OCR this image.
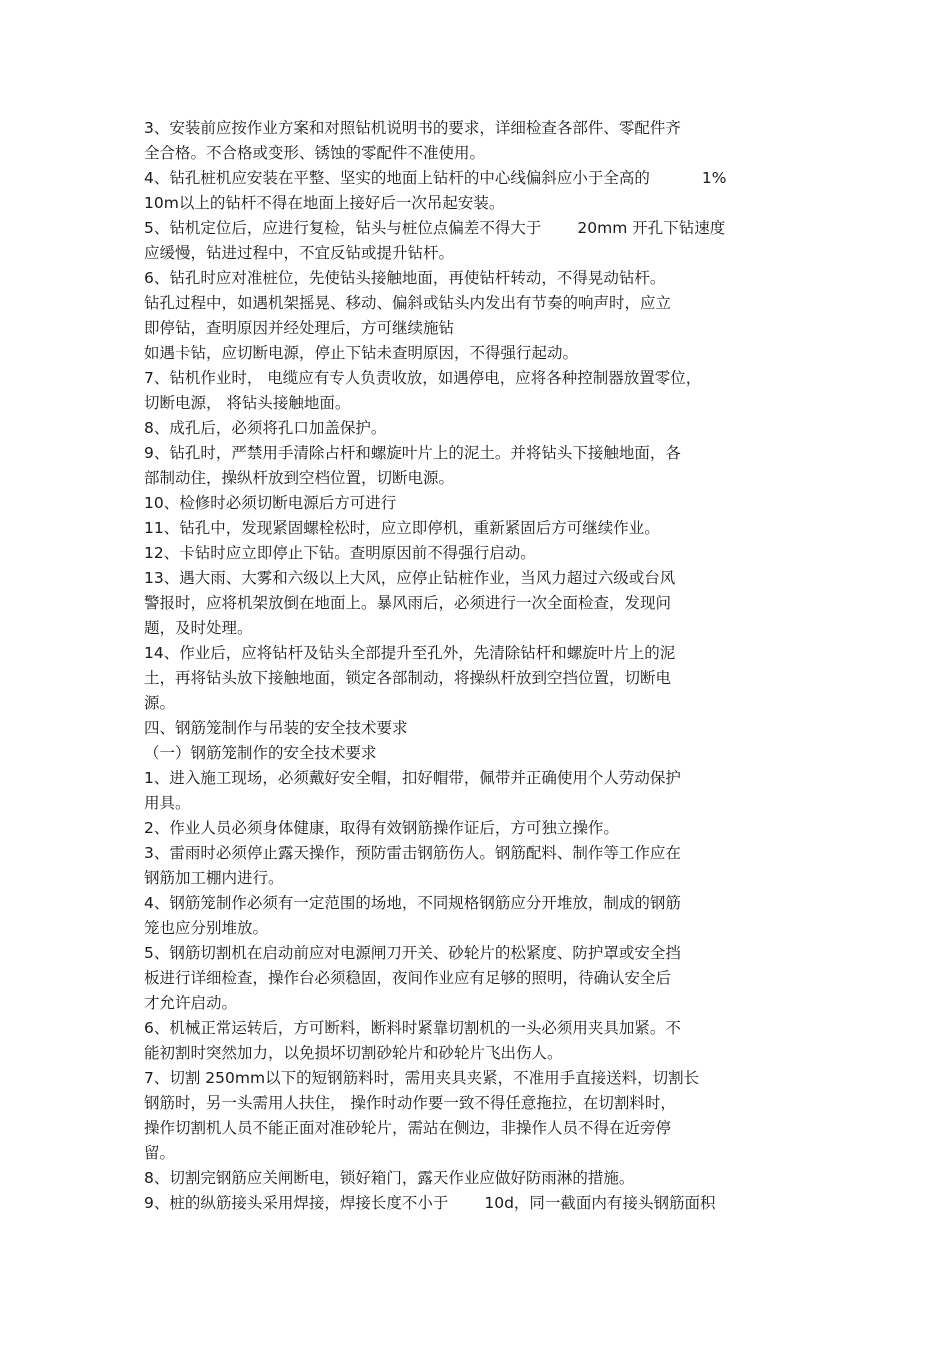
3、安装前应按作业方案和对照钻机说明书的要求，详细检查各部件、零配件齐
全合格。不合格或变形、锈蚀的零配件不准使用。
4、钻孔桩机应安装在平整、坚实的地面上钻杆的中心线偏斜应小于全高的	1%
10m以上的钻杆不得在地面上接好后一次吊起安装。
5、钻机定位后，应进行复检，钻头与桩位点偏差不得大于 20mm 开孔下钻速度
应缓慢，钻进过程中，不宜反钻或提升钻杆。
6、钻孔时应对准桩位，先使钻头接触地面，再使钻杆转动，不得晃动钻杆。
钻孔过程中，如遇机架摇晃、移动、偏斜或钻头内发出有节奏的响声时，应立
即停钻，查明原因并经处理后，方可继续施钻
如遇卡钻，应切断电源，停止下钻未查明原因，不得强行起动。
7、钻机作业时， 电缆应有专人负责收放，如遇停电，应将各种控制器放置零位，
切断电源， 将钻头接触地面。
8、成孔后，必须将孔口加盖保护。
9、钻孔时，严禁用手清除占杆和螺旋叶片上的泥土。并将钻头下接触地面，各
部制动住，操纵杆放到空档位置，切断电源。
10、检修时必须切断电源后方可进行
11、钻孔中，发现紧固螺栓松时，应立即停机，重新紧固后方可继续作业。
12、卡钻时应立即停止下钻。查明原因前不得强行启动。
13、遇大雨、大雾和六级以上大风，应停止钻桩作业，当风力超过六级或台风
警报时，应将机架放倒在地面上。暴风雨后，必须进行一次全面检查，发现问
题，及时处理。
14、作业后，应将钻杆及钻头全部提升至孔外，先清除钻杆和螺旋叶片上的泥
土，再将钻头放下接触地面，锁定各部制动，将操纵杆放到空挡位置，切断电
源。
四、钢筋笼制作与吊装的安全技术要求
（一）钢筋笼制作的安全技术要求
1、进入施工现场，必须戴好安全帽，扣好帽带，佩带并正确使用个人劳动保护
用具。
2、作业人员必须身体健康，取得有效钢筋操作证后，方可独立操作。
3、雷雨时必须停止露天操作，预防雷击钢筋伤人。钢筋配料、制作等工作应在
钢筋加工棚内进行。
4、钢筋笼制作必须有一定范围的场地，不同规格钢筋应分开堆放，制成的钢筋
笼也应分别堆放。
5、钢筋切割机在启动前应对电源闸刀开关、砂轮片的松紧度、防护罩或安全挡
板进行详细检查，操作台必须稳固，夜间作业应有足够的照明，待确认安全后
才允许启动。
6、机械正常运转后，方可断料，断料时紧靠切割机的一头必须用夹具加紧。不
能初割时突然加力，以免损坏切割砂轮片和砂轮片飞出伤人。
7、切割 250mm以下的短钢筋料时，需用夹具夹紧，不准用手直接送料，切割长
钢筋时，另一头需用人扶住， 操作时动作要一致不得任意拖拉，在切割料时，
操作切割机人员不能正面对准砂轮片，需站在侧边，非操作人员不得在近旁停
留。
8、切割完钢筋应关闸断电，锁好箱门，露天作业应做好防雨淋的措施。
9、桩的纵筋接头采用焊接，焊接长度不小于 10d，同一截面内有接头钢筋面积
